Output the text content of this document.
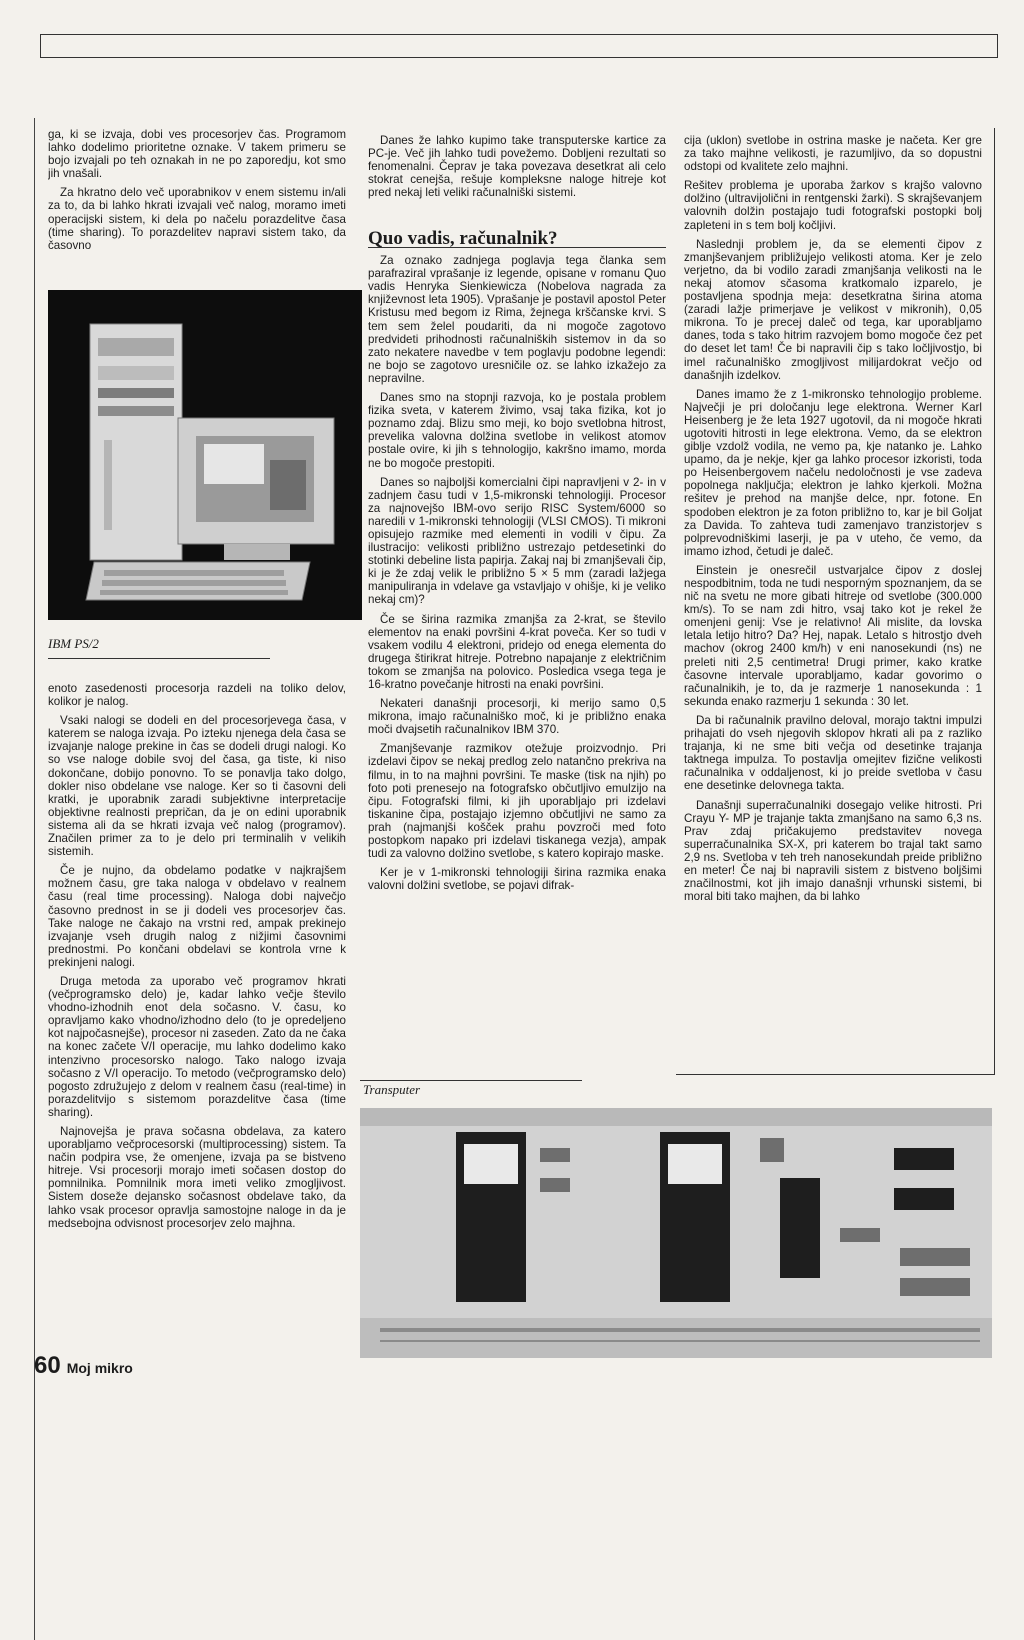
ga, ki se izvaja, dobi ves procesorjev čas. Programom lahko dodelimo prioritetne oznake. V takem primeru se bojo izvajali po teh oznakah in ne po zaporedju, kot smo jih vnašali.

Za hkratno delo več uporabnikov v enem sistemu in/ali za to, da bi lahko hkrati izvajali več nalog, moramo imeti operacijski sistem, ki dela po načelu porazdelitve časa (time sharing). To porazdelitev napravi sistem tako, da časovno

IBM PS/2

enoto zasedenosti procesorja razdeli na toliko delov, kolikor je nalog.

Vsaki nalogi se dodeli en del procesorjevega časa, v katerem se naloga izvaja. Po izteku njenega dela časa se izvajanje naloge prekine in čas se dodeli drugi nalogi. Ko so vse naloge dobile svoj del časa, ga tiste, ki niso dokončane, dobijo ponovno. To se ponavlja tako dolgo, dokler niso obdelane vse naloge. Ker so ti časovni deli kratki, je uporabnik zaradi subjektivne interpretacije objektivne realnosti prepričan, da je on edini uporabnik sistema ali da se hkrati izvaja več nalog (programov). Značilen primer za to je delo pri terminalih v velikih sistemih.

Če je nujno, da obdelamo podatke v najkrajšem možnem času, gre taka naloga v obdelavo v realnem času (real time processing). Naloga dobi največjo časovno prednost in se ji dodeli ves procesorjev čas. Take naloge ne čakajo na vrstni red, ampak prekinejo izvajanje vseh drugih nalog z nižjimi časovnimi prednostmi. Po končani obdelavi se kontrola vrne k prekinjeni nalogi.

Druga metoda za uporabo več programov hkrati (večprogramsko delo) je, kadar lahko večje število vhodno-izhodnih enot dela sočasno. V. času, ko opravljamo kako vhodno/izhodno delo (to je opredeljeno kot najpočasnejše), procesor ni zaseden. Zato da ne čaka na konec začete V/I operacije, mu lahko dodelimo kako intenzivno procesorsko nalogo. Tako nalogo izvaja sočasno z V/I operacijo. To metodo (večprogramsko delo) pogosto združujejo z delom v realnem času (real-time) in porazdelitvijo s sistemom porazdelitve časa (time sharing).

Najnovejša je prava sočasna obdelava, za katero uporabljamo večprocesorski (multiprocessing) sistem. Ta način podpira vse, že omenjene, izvaja pa se bistveno hitreje. Vsi procesorji morajo imeti sočasen dostop do pomnilnika. Pomnilnik mora imeti veliko zmogljivost. Sistem doseže dejansko sočasnost obdelave tako, da lahko vsak procesor opravlja samostojne naloge in da je medsebojna odvisnost procesorjev zelo majhna.

Danes že lahko kupimo take transputerske kartice za PC-je. Več jih lahko tudi povežemo. Dobljeni rezultati so fenomenalni. Čeprav je taka povezava desetkrat ali celo stokrat cenejša, rešuje kompleksne naloge hitreje kot pred nekaj leti veliki računalniški sistemi.

Quo vadis, računalnik?

Za oznako zadnjega poglavja tega članka sem parafraziral vprašanje iz legende, opisane v romanu Quo vadis Henryka Sienkiewicza (Nobelova nagrada za književnost leta 1905). Vprašanje je postavil apostol Peter Kristusu med begom iz Rima, žejnega krščanske krvi. S tem sem želel poudariti, da ni mogoče zagotovo predvideti prihodnosti računalniških sistemov in da so zato nekatere navedbe v tem poglavju podobne legendi: ne bojo se zagotovo uresničile oz. se lahko izkažejo za nepravilne.

Danes smo na stopnji razvoja, ko je postala problem fizika sveta, v katerem živimo, vsaj taka fizika, kot jo poznamo zdaj. Blizu smo meji, ko bojo svetlobna hitrost, prevelika valovna dolžina svetlobe in velikost atomov postale ovire, ki jih s tehnologijo, kakršno imamo, morda ne bo mogoče prestopiti.

Danes so najboljši komercialni čipi napravljeni v 2- in v zadnjem času tudi v 1,5-mikronski tehnologiji. Procesor za najnovejšo IBM-ovo serijo RISC System/6000 so naredili v 1-mikronski tehnologiji (VLSI CMOS). Ti mikroni opisujejo razmike med elementi in vodili v čipu. Za ilustracijo: velikosti približno ustrezajo petdesetinki do stotinki debeline lista papirja. Zakaj naj bi zmanjševali čip, ki je že zdaj velik le približno 5 × 5 mm (zaradi lažjega manipuliranja in vdelave ga vstavljajo v ohišje, ki je veliko nekaj cm)?

Če se širina razmika zmanjša za 2-krat, se število elementov na enaki površini 4-krat poveča. Ker so tudi v vsakem vodilu 4 elektroni, pridejo od enega elementa do drugega štirikrat hitreje. Potrebno napajanje z električnim tokom se zmanjša na polovico. Posledica vsega tega je 16-kratno povečanje hitrosti na enaki površini.

Nekateri današnji procesorji, ki merijo samo 0,5 mikrona, imajo računalniško moč, ki je približno enaka moči dvajsetih računalnikov IBM 370.

Zmanjševanje razmikov otežuje proizvodnjo. Pri izdelavi čipov se nekaj predlog zelo natančno prekriva na filmu, in to na majhni površini. Te maske (tisk na njih) po foto poti prenesejo na fotografsko občutljivo emulzijo na čipu. Fotografski filmi, ki jih uporabljajo pri izdelavi tiskanine čipa, postajajo izjemno občutljivi ne samo za prah (najmanjši košček prahu povzroči med foto postopkom napako pri izdelavi tiskanega vezja), ampak tudi za valovno dolžino svetlobe, s katero kopirajo maske.

Ker je v 1-mikronski tehnologiji širina razmika enaka valovni dolžini svetlobe, se pojavi difrak-

cija (uklon) svetlobe in ostrina maske je načeta. Ker gre za tako majhne velikosti, je razumljivo, da so dopustni odstopi od kvalitete zelo majhni.

Rešitev problema je uporaba žarkov s krajšo valovno dolžino (ultravijolični in rentgenski žarki). S skrajševanjem valovnih dolžin postajajo tudi fotografski postopki bolj zapleteni in s tem bolj kočljivi.

Naslednji problem je, da se elementi čipov z zmanjševanjem približujejo velikosti atoma. Ker je zelo verjetno, da bi vodilo zaradi zmanjšanja velikosti na le nekaj atomov sčasoma kratkomalo izparelo, je postavljena spodnja meja: desetkratna širina atoma (zaradi lažje primerjave je velikost v mikronih), 0,05 mikrona. To je precej daleč od tega, kar uporabljamo danes, toda s tako hitrim razvojem bomo mogoče čez pet do deset let tam! Če bi napravili čip s tako ločljivostjo, bi imel računalniško zmogljivost milijardokrat večjo od današnjih izdelkov.

Danes imamo že z 1-mikronsko tehnologijo probleme. Največji je pri določanju lege elektrona. Werner Karl Heisenberg je že leta 1927 ugotovil, da ni mogoče hkrati ugotoviti hitrosti in lege elektrona. Vemo, da se elektron giblje vzdolž vodila, ne vemo pa, kje natanko je. Lahko upamo, da je nekje, kjer ga lahko procesor izkoristi, toda po Heisenbergovem načelu nedoločnosti je vse zadeva popolnega naključja; elektron je lahko kjerkoli. Možna rešitev je prehod na manjše delce, npr. fotone. En spodoben elektron je za foton približno to, kar je bil Goljat za Davida. To zahteva tudi zamenjavo tranzistorjev s polprevodniškimi laserji, je pa v uteho, če vemo, da imamo izhod, četudi je daleč.

Einstein je onesrečil ustvarjalce čipov z doslej nespodbitnim, toda ne tudi nesporným spoznanjem, da se nič na svetu ne more gibati hitreje od svetlobe (300.000 km/s). To se nam zdi hitro, vsaj tako kot je rekel že omenjeni genij: Vse je relativno! Ali mislite, da lovska letala letijo hitro? Da? Hej, napak. Letalo s hitrostjo dveh machov (okrog 2400 km/h) v eni nanosekundi (ns) ne preleti niti 2,5 centimetra! Drugi primer, kako kratke časovne intervale uporabljamo, kadar govorimo o računalnikih, je to, da je razmerje 1 nanosekunda : 1 sekunda enako razmerju 1 sekunda : 30 let.

Da bi računalnik pravilno deloval, morajo taktni impulzi prihajati do vseh njegovih sklopov hkrati ali pa z razliko trajanja, ki ne sme biti večja od desetinke trajanja taktnega impulza. To postavlja omejitev fizične velikosti računalnika v oddaljenost, ki jo preide svetloba v času ene desetinke delovnega takta.

Današnji superračunalniki dosegajo velike hitrosti. Pri Crayu Y- MP je trajanje takta zmanjšano na samo 6,3 ns. Prav zdaj pričakujemo predstavitev novega superračunalnika SX-X, pri katerem bo trajal takt samo 2,9 ns. Svetloba v teh treh nanosekundah preide približno en meter! Če naj bi napravili sistem z bistveno boljšimi značilnostmi, kot jih imajo današnji vrhunski sistemi, bi moral biti tako majhen, da bi lahko

Transputer
60 Moj mikro
